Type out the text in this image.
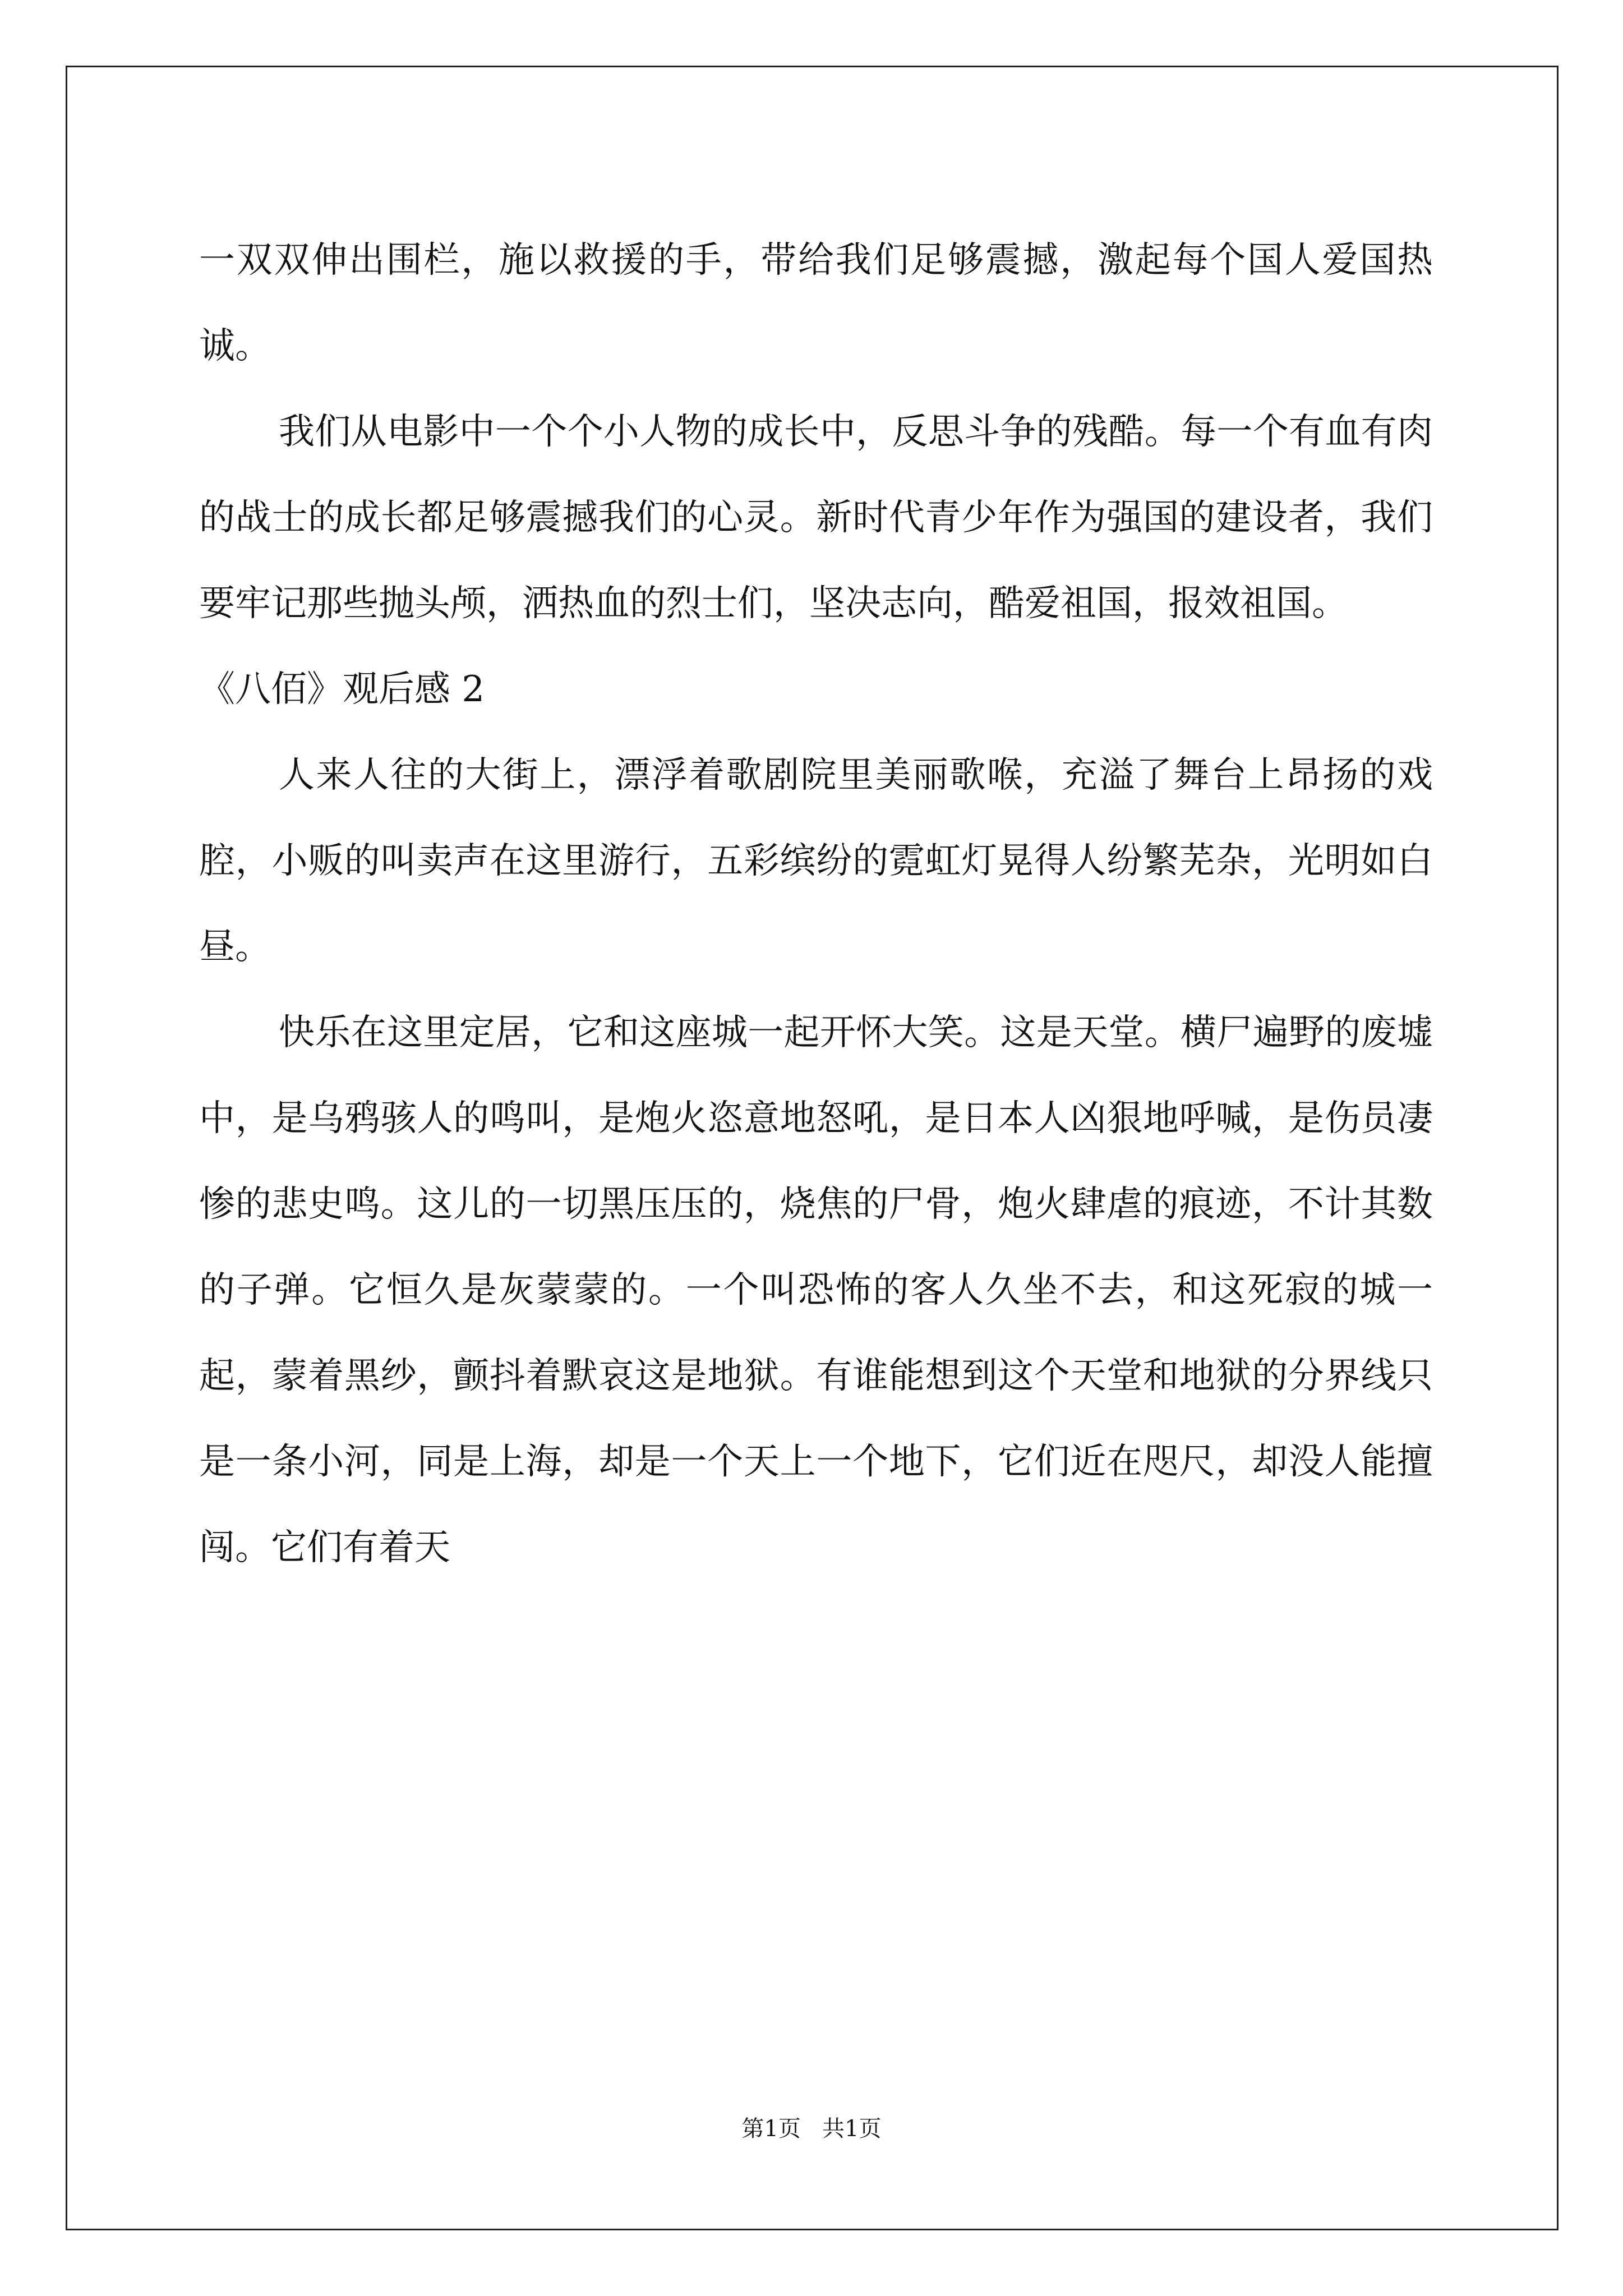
一双双伸出围栏，施以救援的手，带给我们足够震撼，激起每个国人爱国热诚。

我们从电影中一个个小人物的成长中，反思斗争的残酷。每一个有血有肉的战士的成长都足够震撼我们的心灵。新时代青少年作为强国的建设者，我们要牢记那些抛头颅，洒热血的烈士们，坚决志向，酷爱祖国，报效祖国。

《八佰》观后感 2

人来人往的大街上，漂浮着歌剧院里美丽歌喉，充溢了舞台上昂扬的戏腔，小贩的叫卖声在这里游行，五彩缤纷的霓虹灯晃得人纷繁芜杂，光明如白昼。

快乐在这里定居，它和这座城一起开怀大笑。这是天堂。横尸遍野的废墟中，是乌鸦骇人的鸣叫，是炮火恣意地怒吼，是日本人凶狠地呼喊，是伤员凄惨的悲史鸣。这儿的一切黑压压的，烧焦的尸骨，炮火肆虐的痕迹，不计其数的子弹。它恒久是灰蒙蒙的。一个叫恐怖的客人久坐不去，和这死寂的城一起，蒙着黑纱，颤抖着默哀这是地狱。有谁能想到这个天堂和地狱的分界线只是一条小河，同是上海，却是一个天上一个地下，它们近在咫尺，却没人能擅闯。它们有着天

第1页   共1页
